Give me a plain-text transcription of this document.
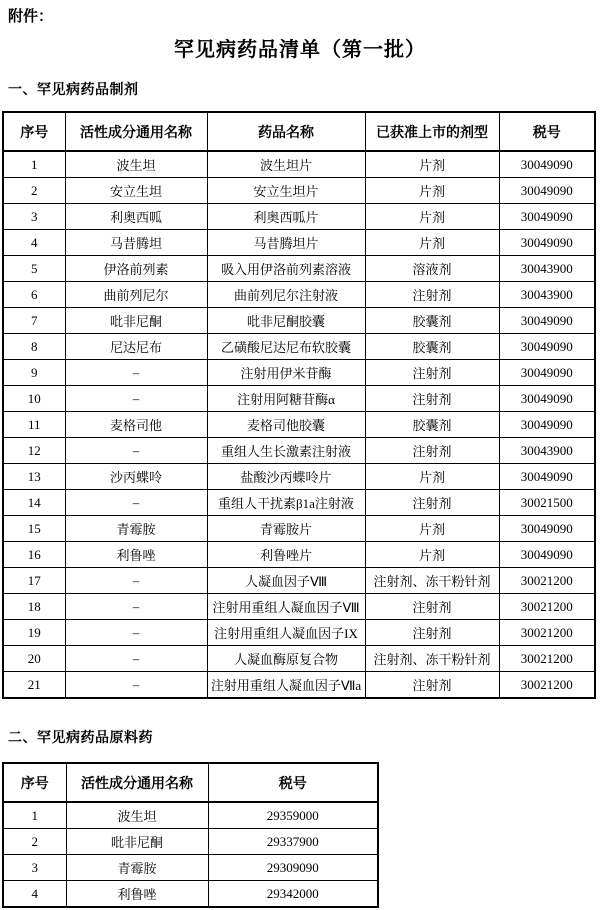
附件：
罕见病药品清单（第一批）
一、罕见病药品制剂
序号	活性成分通用名称	药品名称	已获准上市的剂型	税号
1	波生坦	波生坦片	片剂	30049090
2	安立生坦	安立生坦片	片剂	30049090
3	利奥西呱	利奥西呱片	片剂	30049090
4	马昔腾坦	马昔腾坦片	片剂	30049090
5	伊洛前列素	吸入用伊洛前列素溶液	溶液剂	30043900
6	曲前列尼尔	曲前列尼尔注射液	注射剂	30043900
7	吡非尼酮	吡非尼酮胶囊	胶囊剂	30049090
8	尼达尼布	乙磺酸尼达尼布软胶囊	胶囊剂	30049090
9	–	注射用伊米苷酶	注射剂	30049090
10	–	注射用阿糖苷酶α	注射剂	30049090
11	麦格司他	麦格司他胶囊	胶囊剂	30049090
12	–	重组人生长激素注射液	注射剂	30043900
13	沙丙蝶呤	盐酸沙丙蝶呤片	片剂	30049090
14	–	重组人干扰素β1a注射液	注射剂	30021500
15	青霉胺	青霉胺片	片剂	30049090
16	利鲁唑	利鲁唑片	片剂	30049090
17	–	人凝血因子Ⅷ	注射剂、冻干粉针剂	30021200
18	–	注射用重组人凝血因子Ⅷ	注射剂	30021200
19	–	注射用重组人凝血因子IX	注射剂	30021200
20	–	人凝血酶原复合物	注射剂、冻干粉针剂	30021200
21	–	注射用重组人凝血因子Ⅶa	注射剂	30021200
二、罕见病药品原料药
序号	活性成分通用名称	税号
1	波生坦	29359000
2	吡非尼酮	29337900
3	青霉胺	29309090
4	利鲁唑	29342000
